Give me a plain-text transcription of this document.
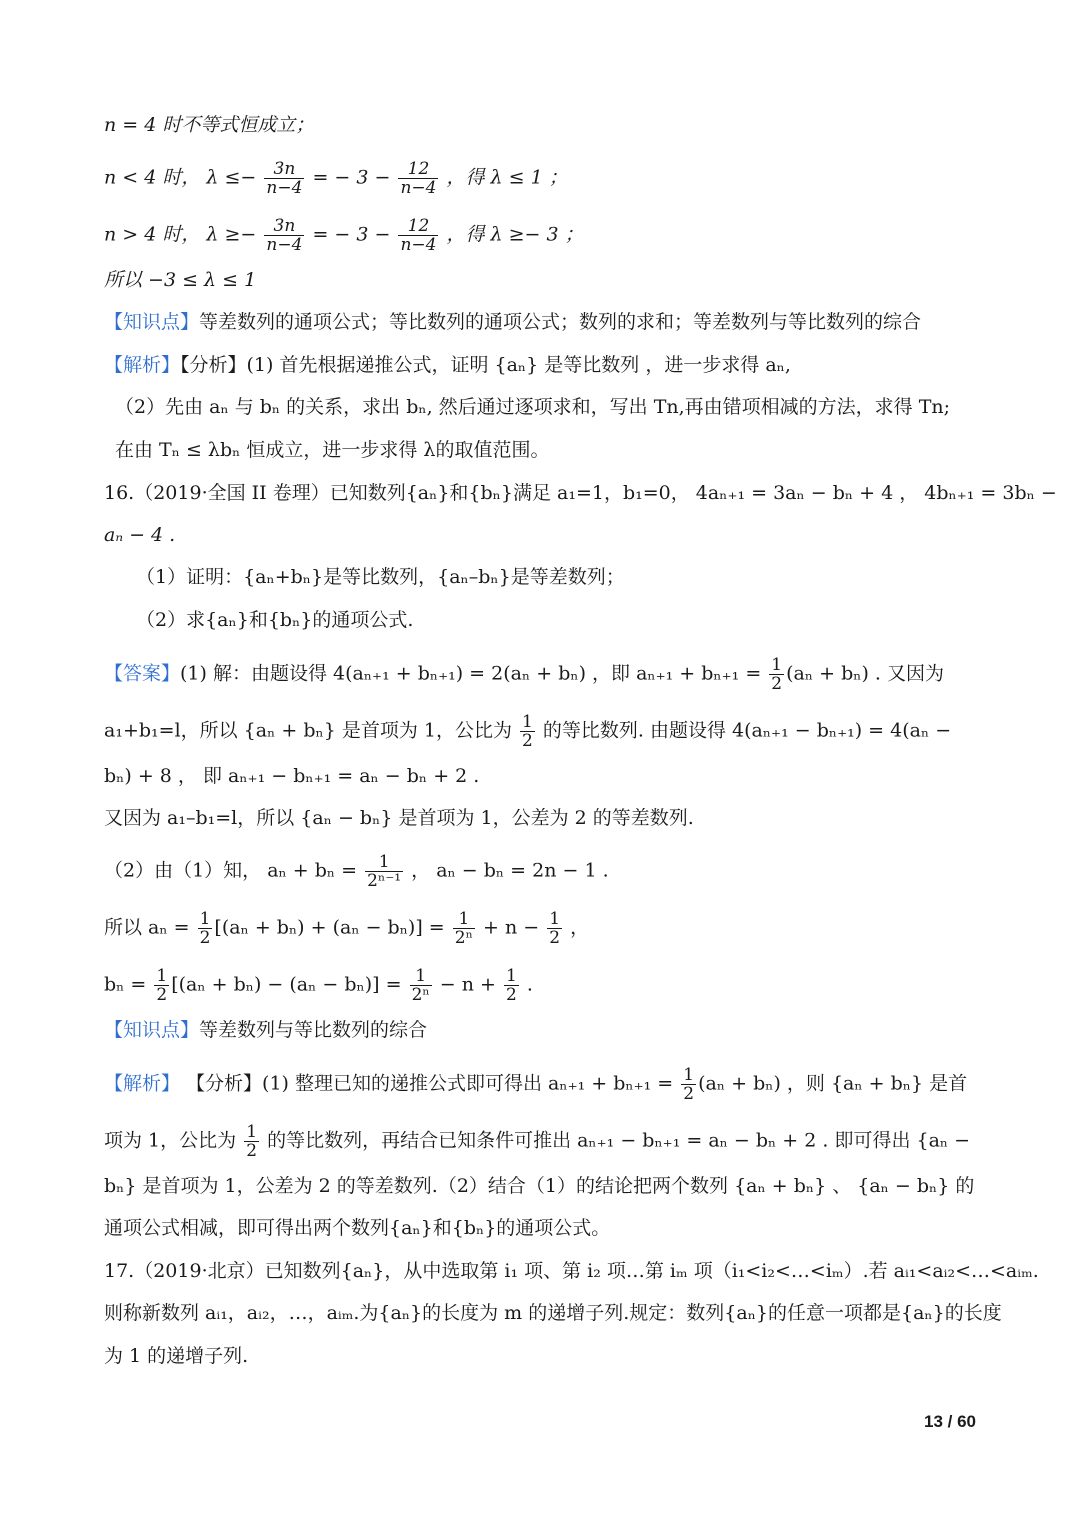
n = 4 时不等式恒成立；
n < 4 时， $\lambda \le- \frac{3n}{n-4}$ = − $3 - \frac{12}{n-4}$ ，得 λ ≤ 1 ；
n > 4 时， $\lambda \ge- \frac{3n}{n-4}$ = − $3 - \frac{12}{n-4}$ ，得 λ ≥− 3 ；
所以 −3 ≤ λ ≤ 1
【知识点】等差数列的通项公式；等比数列的通项公式；数列的求和；等差数列与等比数列的综合
【解析】【分析】(1) 首先根据递推公式，证明 {aₙ} 是等比数列 ，进一步求得 aₙ,
（2）先由 aₙ 与 bₙ 的关系，求出 bₙ, 然后通过逐项求和，写出 Tn,再由错项相减的方法，求得 Tn;
在由 Tₙ ≤ λbₙ 恒成立，进一步求得 λ的取值范围。
16.（2019·全国 II 卷理）已知数列{aₙ}和{bₙ}满足 a₁=1，b₁=0， 4aₙ₊₁ = 3aₙ − bₙ + 4 ， 4bₙ₊₁ = 3bₙ −
aₙ − 4 .
（1）证明：{aₙ+bₙ}是等比数列，{aₙ–bₙ}是等差数列；
（2）求{aₙ}和{bₙ}的通项公式.
【答案】(1) 解：由题设得 4(aₙ₊₁ + bₙ₊₁) = 2(aₙ + bₙ) ，即 $a_{n+1} + b_{n+1} = \frac{1}{2} (a_n + b_n)$ . 又因为
a₁+b₁=l，所以 {aₙ + bₙ} 是首项为 1，公比为 $\frac{1}{2}$ 的等比数列. 由题设得 4(aₙ₊₁ − bₙ₊₁) = 4(aₙ −
bₙ) + 8 ， 即 aₙ₊₁ − bₙ₊₁ = aₙ − bₙ + 2 .
又因为 a₁–b₁=l，所以 {aₙ − bₙ} 是首项为 1，公差为 2 的等差数列.
（2）由（1）知， $a_n + b_n = \frac{1}{\text{2ⁿ⁻¹}}$ ， aₙ − bₙ = 2n − 1 .
所以 $a_n = \frac{1}{2} [(a_n + b_n) + (a_n - b_n)] = \frac{1}{\text{2ⁿ}} + n - \frac{1}{2}$ ，
$b_n = \frac{1}{2} [(a_n + b_n) - (a_n - b_n)] = \frac{1}{\text{2ⁿ}} - n + \frac{1}{2}$ .
【知识点】等差数列与等比数列的综合
【解析】 【分析】(1) 整理已知的递推公式即可得出 $a_{n+1} + b_{n+1} = \frac{1}{2} (a_n + b_n)$ ，则 {aₙ + bₙ} 是首
项为 1，公比为 $\frac{1}{2}$ 的等比数列，再结合已知条件可推出 aₙ₊₁ − bₙ₊₁ = aₙ − bₙ + 2 . 即可得出 {aₙ −
bₙ} 是首项为 1，公差为 2 的等差数列.（2）结合（1）的结论把两个数列 {aₙ + bₙ} 、 {aₙ − bₙ} 的
通项公式相减，即可得出两个数列{aₙ}和{bₙ}的通项公式。
17.（2019·北京）已知数列{aₙ}，从中选取第 i₁ 项、第 i₂ 项…第 iₘ 项（i₁<i₂<…<iₘ）.若 aᵢ₁<aᵢ₂<…<aᵢₘ.
则称新数列 aᵢ₁，aᵢ₂，…，aᵢₘ.为{aₙ}的长度为 m 的递增子列.规定：数列{aₙ}的任意一项都是{aₙ}的长度
为 1 的递增子列.
13 / 60
